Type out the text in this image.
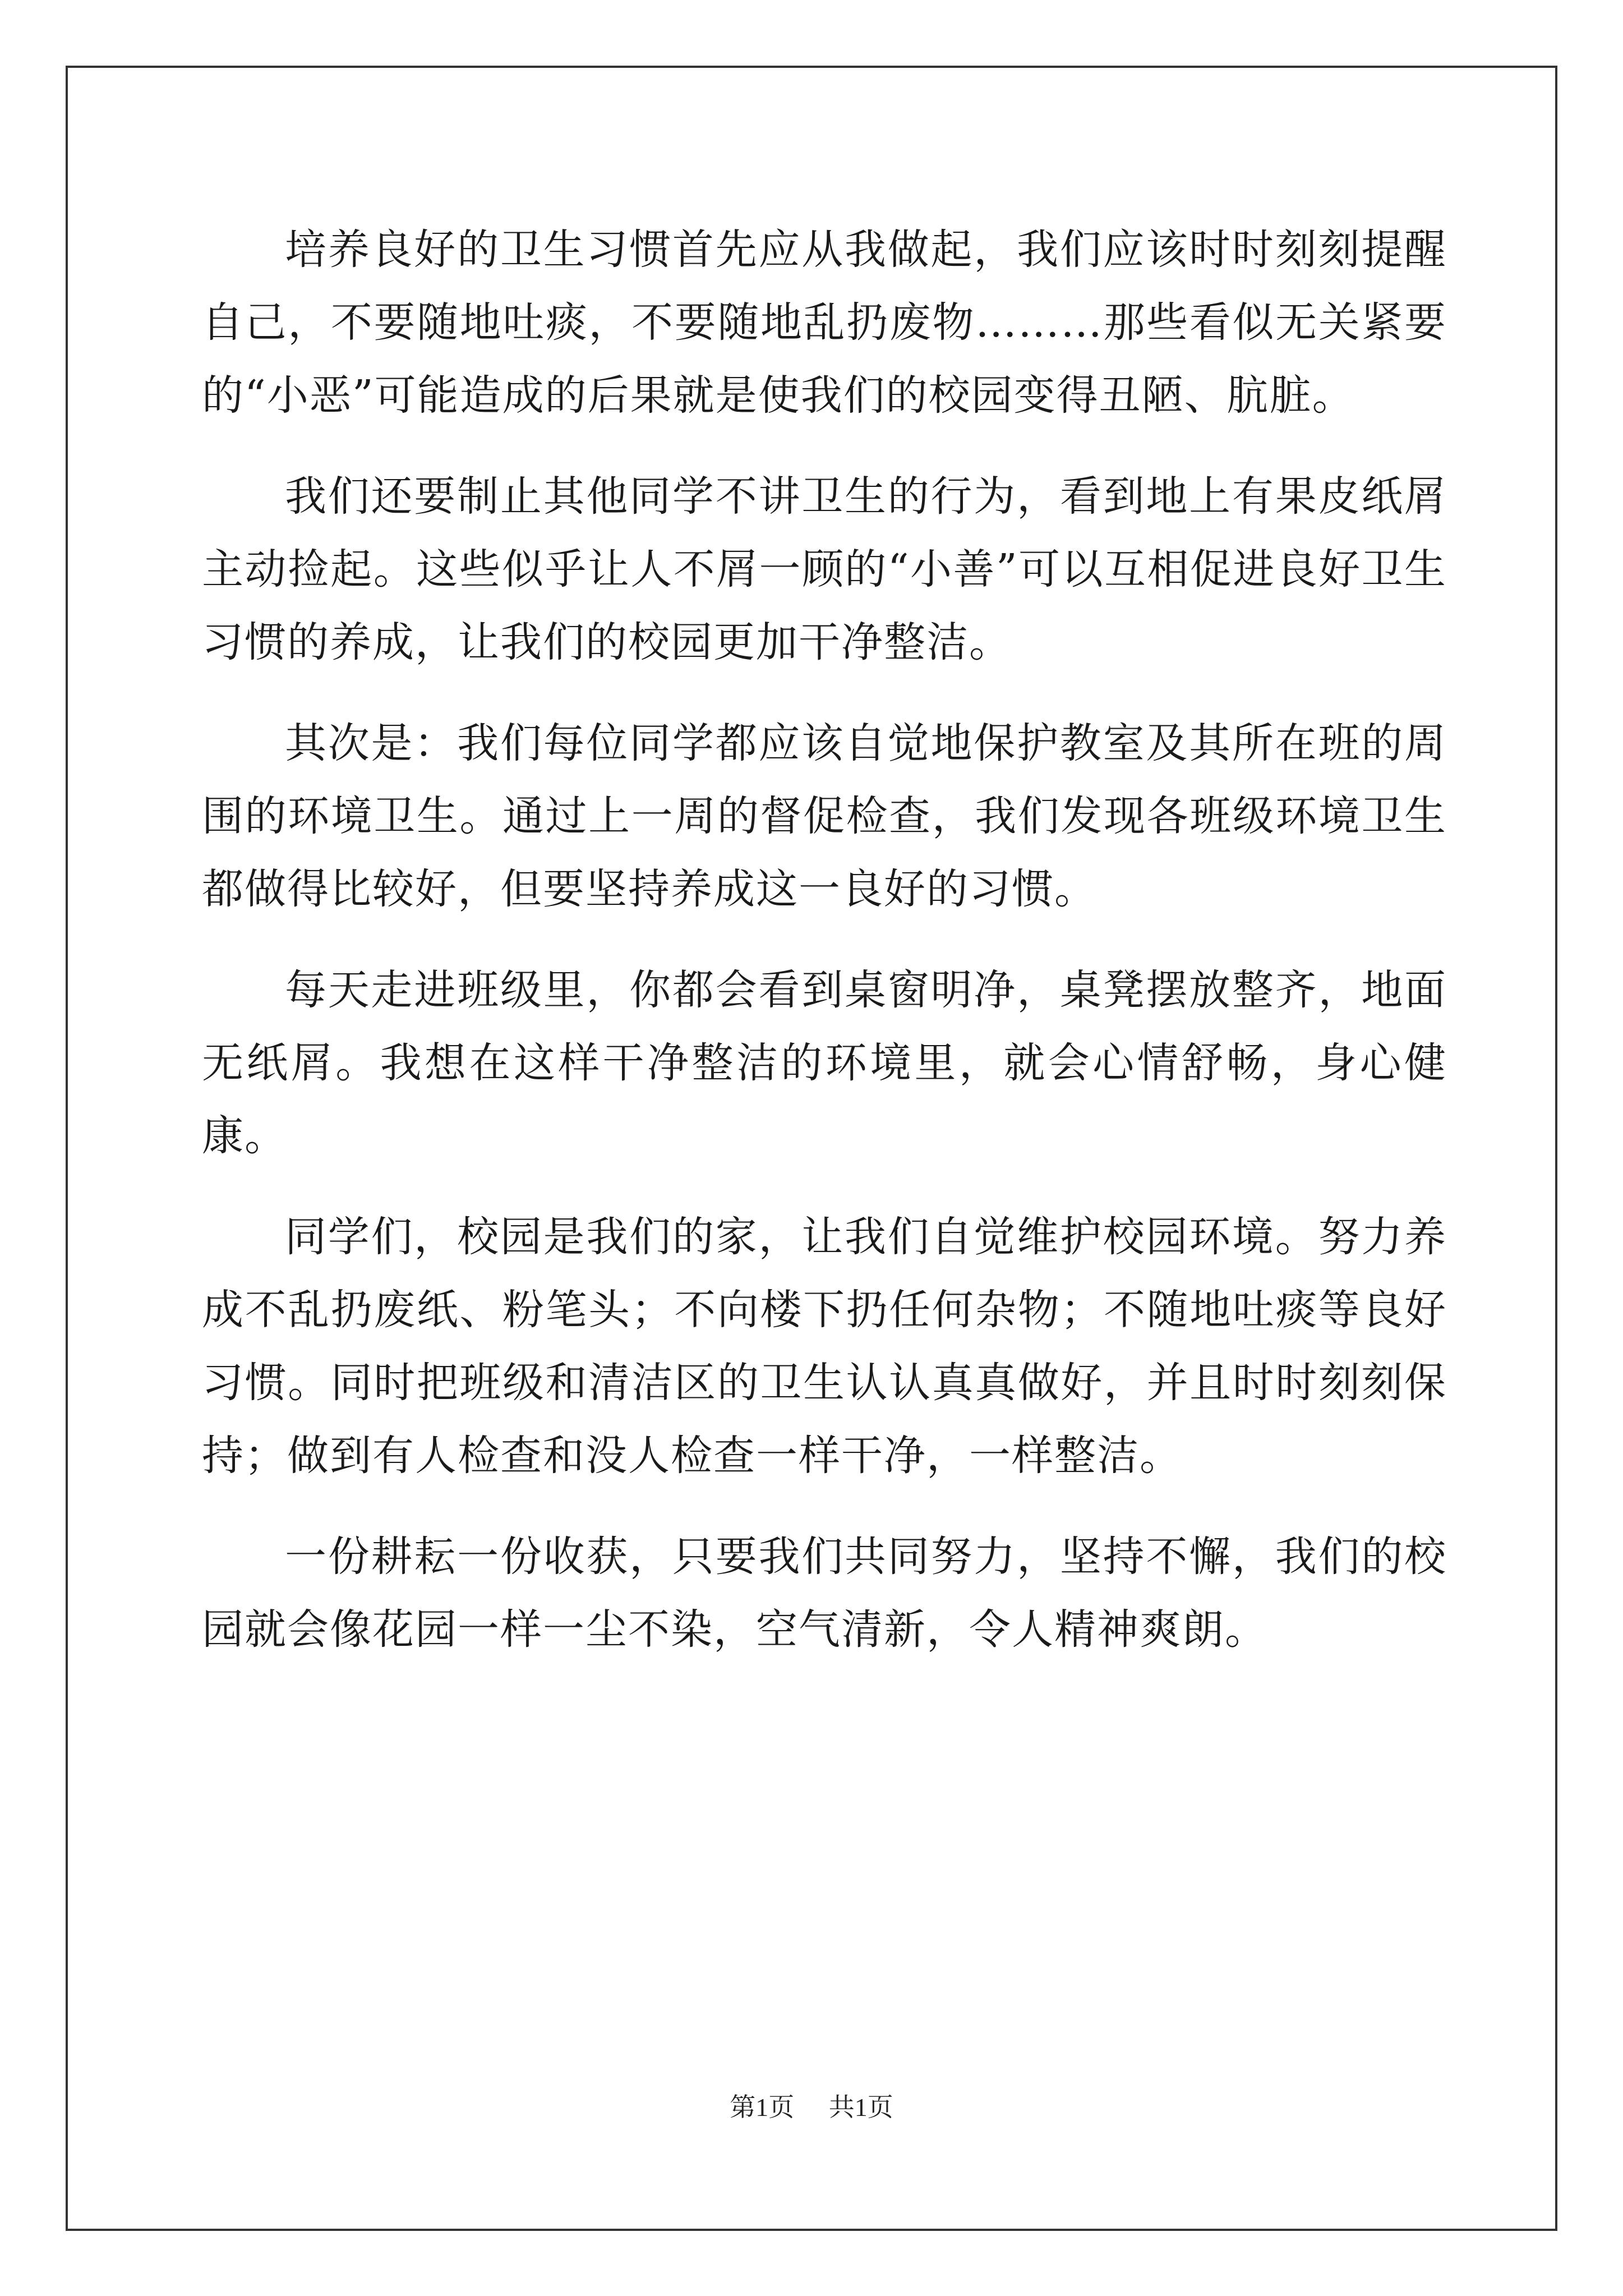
培养良好的卫生习惯首先应从我做起，我们应该时时刻刻提醒自己，不要随地吐痰，不要随地乱扔废物………那些看似无关紧要的“小恶”可能造成的后果就是使我们的校园变得丑陋、肮脏。

我们还要制止其他同学不讲卫生的行为，看到地上有果皮纸屑主动捡起。这些似乎让人不屑一顾的“小善”可以互相促进良好卫生习惯的养成，让我们的校园更加干净整洁。

其次是：我们每位同学都应该自觉地保护教室及其所在班的周围的环境卫生。通过上一周的督促检查，我们发现各班级环境卫生都做得比较好，但要坚持养成这一良好的习惯。

每天走进班级里，你都会看到桌窗明净，桌凳摆放整齐，地面无纸屑。我想在这样干净整洁的环境里，就会心情舒畅，身心健康。

同学们，校园是我们的家，让我们自觉维护校园环境。努力养成不乱扔废纸、粉笔头；不向楼下扔任何杂物；不随地吐痰等良好习惯。同时把班级和清洁区的卫生认认真真做好，并且时时刻刻保持；做到有人检查和没人检查一样干净，一样整洁。

一份耕耘一份收获，只要我们共同努力，坚持不懈，我们的校园就会像花园一样一尘不染，空气清新，令人精神爽朗。

第1页 共1页
